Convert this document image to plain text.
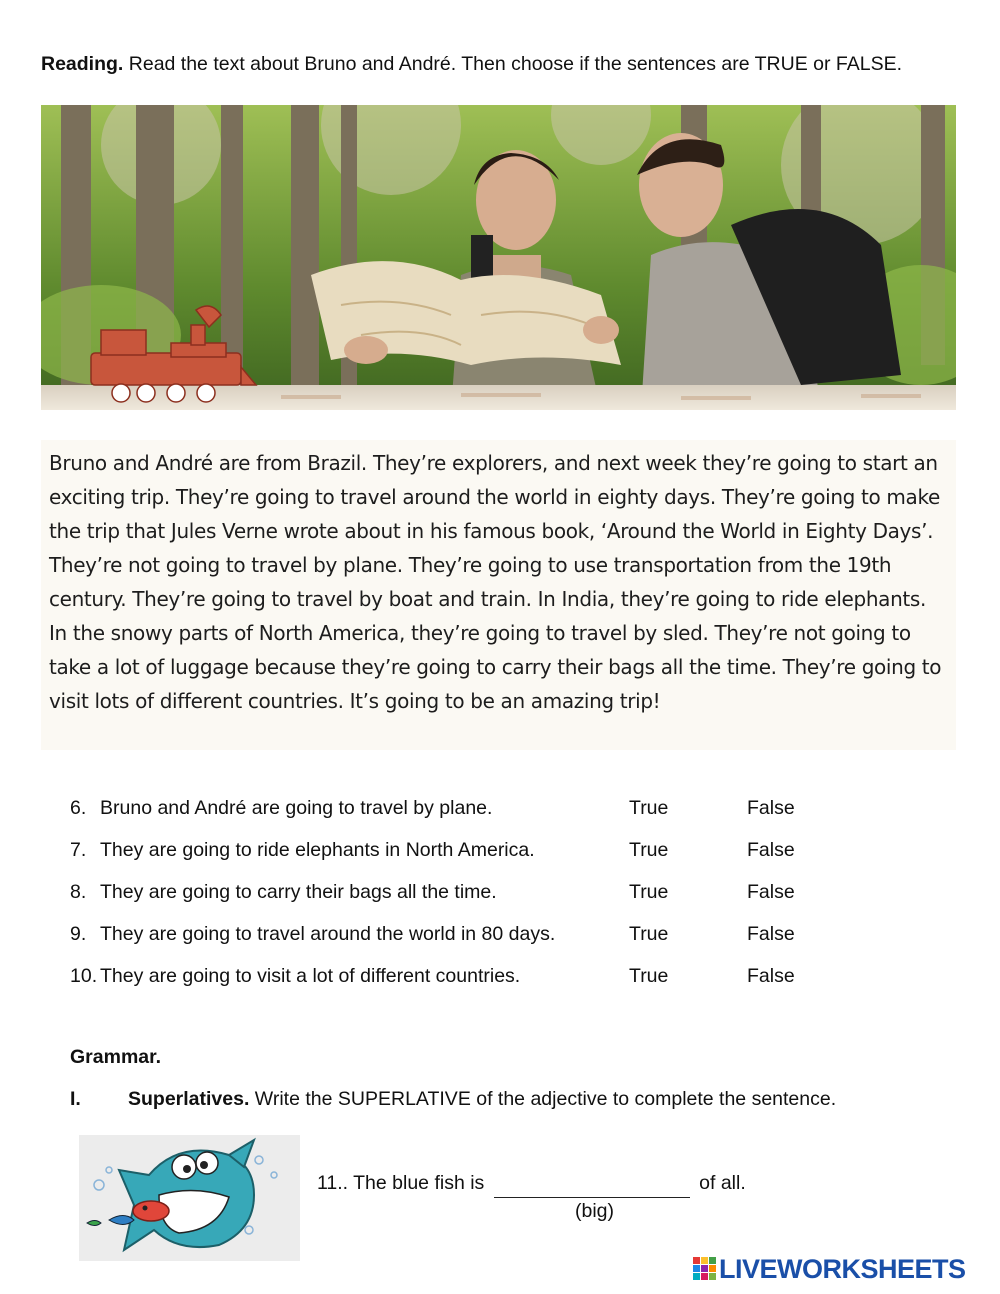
Reading. Read the text about Bruno and André. Then choose if the sentences are TRUE or FALSE.

Bruno and André are from Brazil. They’re explorers, and next week they’re going to start an exciting trip. They’re going to travel around the world in eighty days. They’re going to make the trip that Jules Verne wrote about in his famous book, ‘Around the World in Eighty Days’. They’re not going to travel by plane. They’re going to use transportation from the 19th century. They’re going to travel by boat and train. In India, they’re going to ride elephants. In the snowy parts of North America, they’re going to travel by sled. They’re not going to take a lot of luggage because they’re going to carry their bags all the time. They’re going to visit lots of different countries. It’s going to be an amazing trip!

6. Bruno and André are going to travel by plane.	True	False
7. They are going to ride elephants in North America.	True	False
8. They are going to carry their bags all the time.	True	False
9. They are going to travel around the world in 80 days.	True	False
10. They are going to visit a lot of different countries.	True	False
Grammar.
I. Superlatives. Write the SUPERLATIVE of the adjective to complete the sentence.
11.. The blue fish is	of all.
(big)
LIVEWORKSHEETS
